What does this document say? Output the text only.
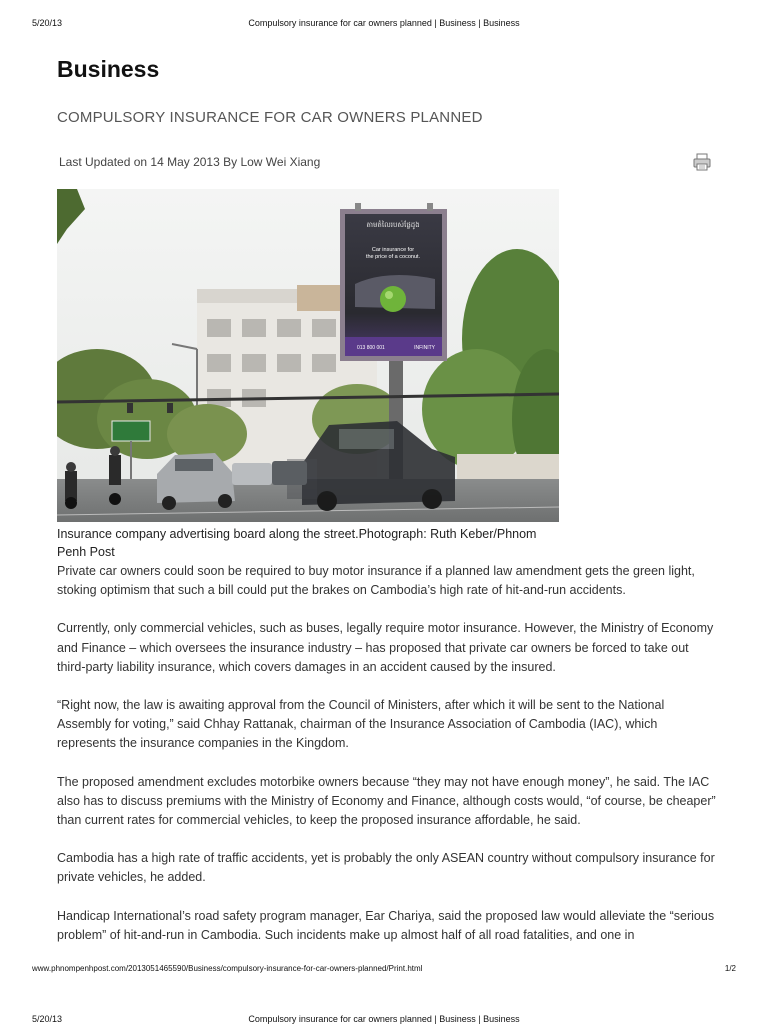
5/20/13	Compulsory insurance for car owners planned | Business | Business
Business
COMPULSORY INSURANCE FOR CAR OWNERS PLANNED
Last Updated on 14 May 2013 By Low Wei Xiang
តាមតំលៃរបស់ផ្លែដូង
Car insurance for
the price of a coconut.
013 800 001	INFINITY
Insurance company advertising board along the street.Photograph: Ruth Keber/Phnom Penh Post

Private car owners could soon be required to buy motor insurance if a planned law amendment gets the green light, stoking optimism that such a bill could put the brakes on Cambodia’s high rate of hit-and-run accidents.

Currently, only commercial vehicles, such as buses, legally require motor insurance. However, the Ministry of Economy and Finance – which oversees the insurance industry – has proposed that private car owners be forced to take out third-party liability insurance, which covers damages in an accident caused by the insured.

“Right now, the law is awaiting approval from the Council of Ministers, after which it will be sent to the National Assembly for voting,” said Chhay Rattanak, chairman of the Insurance Association of Cambodia (IAC), which represents the insurance companies in the Kingdom.

The proposed amendment excludes motorbike owners because “they may not have enough money”, he said. The IAC also has to discuss premiums with the Ministry of Economy and Finance, although costs would, “of course, be cheaper” than current rates for commercial vehicles, to keep the proposed insurance affordable, he said.

Cambodia has a high rate of traffic accidents, yet is probably the only ASEAN country without compulsory insurance for private vehicles, he added.

Handicap International’s road safety program manager, Ear Chariya, said the proposed law would alleviate the “serious problem” of hit-and-run in Cambodia. Such incidents make up almost half of all road fatalities, and one in

www.phnompenhpost.com/2013051465590/Business/compulsory-insurance-for-car-owners-planned/Print.html	1/2
5/20/13	Compulsory insurance for car owners planned | Business | Business
